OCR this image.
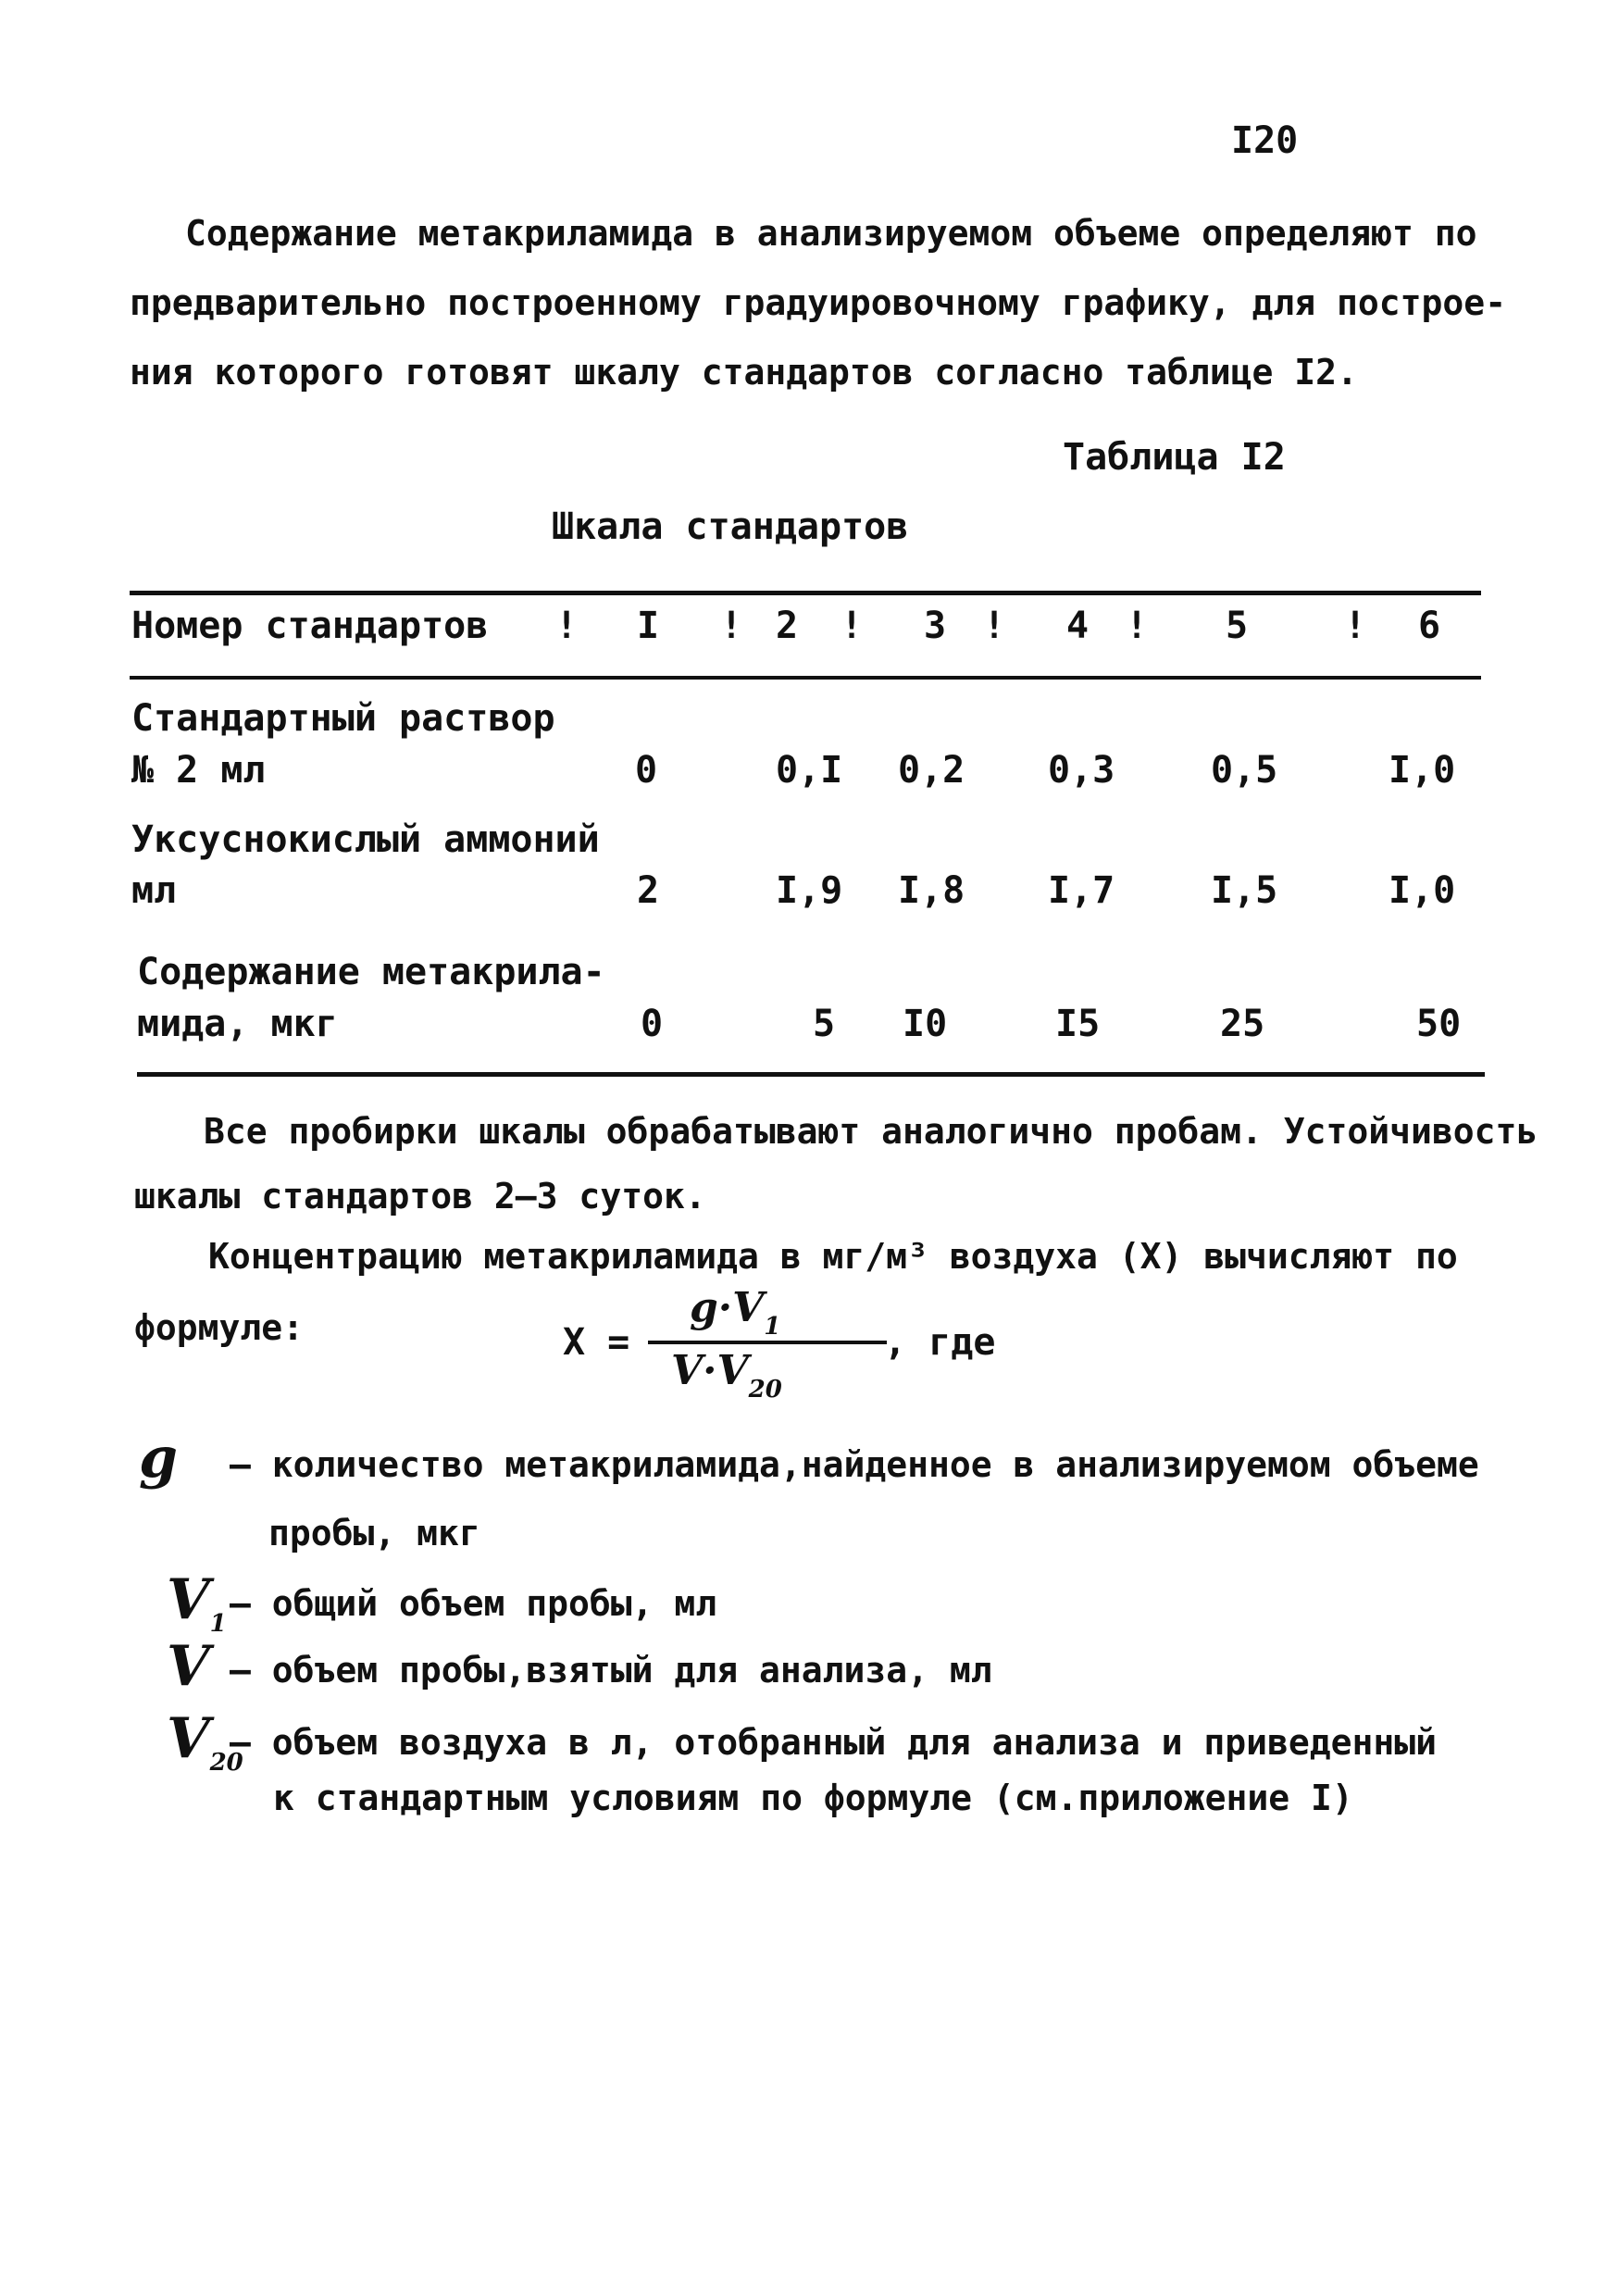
I20
Содержание метакриламида в анализируемом объеме определяют по
предварительно построенному градуировочному графику, для построе-
ния которого готовят шкалу стандартов согласно таблице I2.
Таблица I2
Шкала стандартов
Номер стандартов ! I ! 2 ! 3 ! 4 ! 5	! 6
Стандартный раствор
№ 2 мл	0	0,I 0,2 0,3	0,5	I,0
Уксуснокислый аммоний
мл	2	I,9 I,8 I,7	I,5	I,0
Содержание метакрила-
мида, мкг	0	5 I0	I5	25	50
Все пробирки шкалы обрабатывают аналогично пробам. Устойчивость
шкалы стандартов 2–3 суток.
Концентрацию метакриламида в мг/м³ воздуха (X) вычисляют по
формуле:	X =
$g\cdot V_1$
$V\cdot V_{20}$
, где
g – количество метакриламида,найденное в анализируемом объеме
пробы, мкг
$V_1$ – общий объем пробы, мл
V – объем пробы,взятый для анализа, мл
$V_{20}$
– объем воздуха в л, отобранный для анализа и приведенный
к стандартным условиям по формуле (см.приложение I)
